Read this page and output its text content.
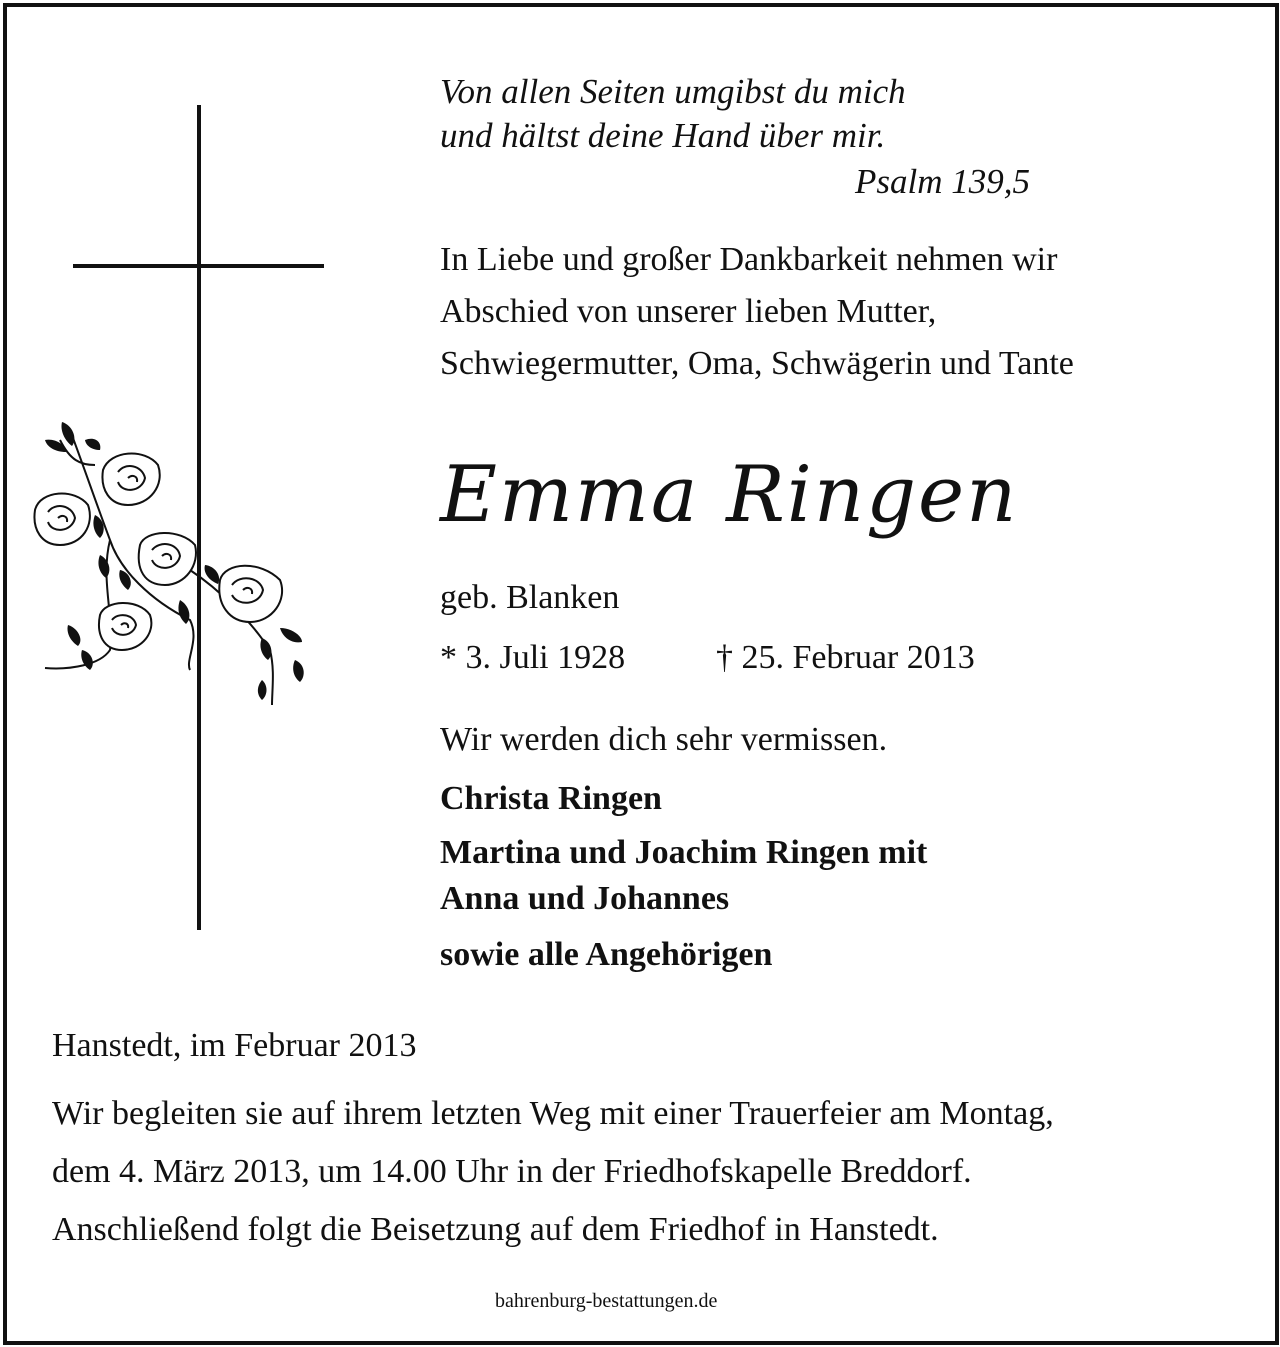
Von allen Seiten umgibst du mich
und hältst deine Hand über mir.
Psalm 139,5
In Liebe und großer Dankbarkeit nehmen wir
Abschied von unserer lieben Mutter,
Schwiegermutter, Oma, Schwägerin und Tante
Emma Ringen
geb. Blanken
* 3. Juli 1928	† 25. Februar 2013
Wir werden dich sehr vermissen.
Christa Ringen
Martina und Joachim Ringen mit
Anna und Johannes
sowie alle Angehörigen
Hanstedt, im Februar 2013
Wir begleiten sie auf ihrem letzten Weg mit einer Trauerfeier am Montag,
dem 4. März 2013, um 14.00 Uhr in der Friedhofskapelle Breddorf.
Anschließend folgt die Beisetzung auf dem Friedhof in Hanstedt.
bahrenburg-bestattungen.de
